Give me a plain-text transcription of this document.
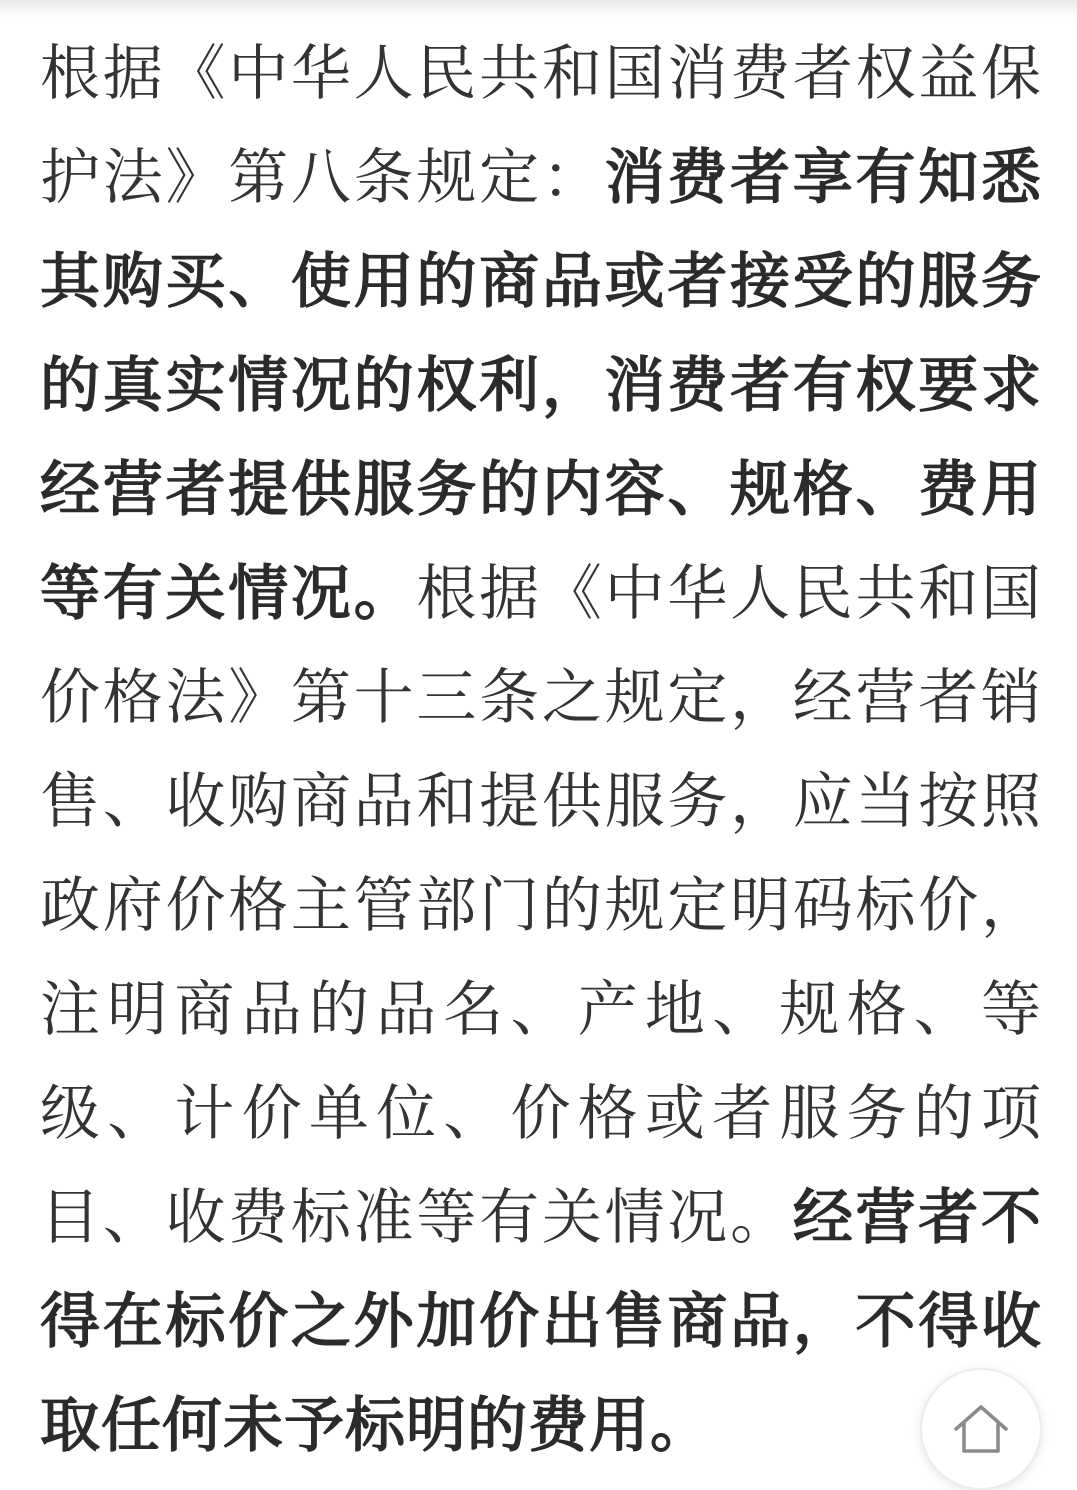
根据《中华人民共和国消费者权益保护法》第八条规定：消费者享有知悉其购买、使用的商品或者接受的服务的真实情况的权利，消费者有权要求经营者提供服务的内容、规格、费用等有关情况。根据《中华人民共和国价格法》第十三条之规定，经营者销售、收购商品和提供服务，应当按照政府价格主管部门的规定明码标价，注明商品的品名、产地、规格、等级、计价单位、价格或者服务的项目、收费标准等有关情况。经营者不得在标价之外加价出售商品，不得收取任何未予标明的费用。
